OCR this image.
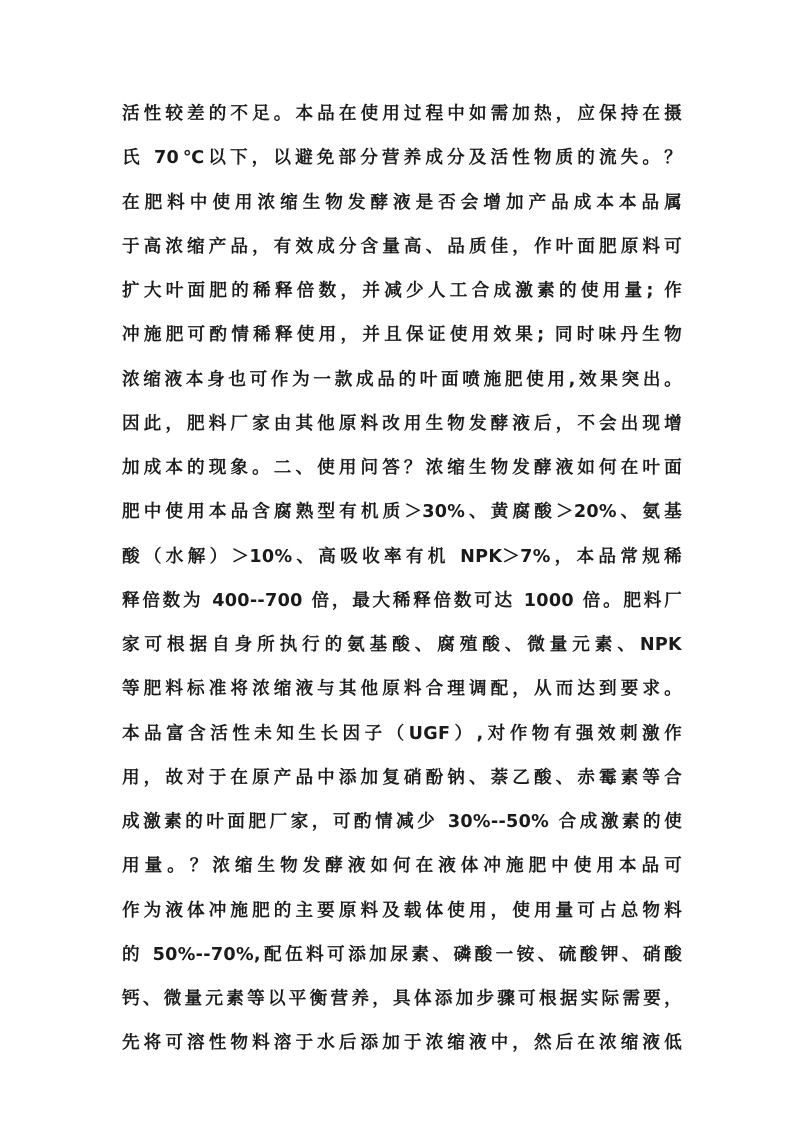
活性较差的不足。本品在使用过程中如需加热，应保持在摄
氏 70℃以下，以避免部分营养成分及活性物质的流失。？
在肥料中使用浓缩生物发酵液是否会增加产品成本本品属
于高浓缩产品，有效成分含量高、品质佳，作叶面肥原料可
扩大叶面肥的稀释倍数，并减少人工合成激素的使用量; 作
冲施肥可酌情稀释使用，并且保证使用效果; 同时味丹生物
浓缩液本身也可作为一款成品的叶面喷施肥使用,效果突出。
因此，肥料厂家由其他原料改用生物发酵液后，不会出现增
加成本的现象。二、使用问答？浓缩生物发酵液如何在叶面
肥中使用本品含腐熟型有机质＞30%、黄腐酸＞20%、氨基
酸（水解）＞10%、高吸收率有机 NPK＞7%，本品常规稀
释倍数为 400--700 倍，最大稀释倍数可达 1000 倍。肥料厂
家可根据自身所执行的氨基酸、腐殖酸、微量元素、NPK
等肥料标准将浓缩液与其他原料合理调配，从而达到要求。
本品富含活性未知生长因子（UGF）,对作物有强效刺激作
用，故对于在原产品中添加复硝酚钠、萘乙酸、赤霉素等合
成激素的叶面肥厂家，可酌情减少 30%--50% 合成激素的使
用量。？浓缩生物发酵液如何在液体冲施肥中使用本品可
作为液体冲施肥的主要原料及载体使用，使用量可占总物料
的 50%--70%,配伍料可添加尿素、磷酸一铵、硫酸钾、硝酸
钙、微量元素等以平衡营养，具体添加步骤可根据实际需要，
先将可溶性物料溶于水后添加于浓缩液中，然后在浓缩液低
